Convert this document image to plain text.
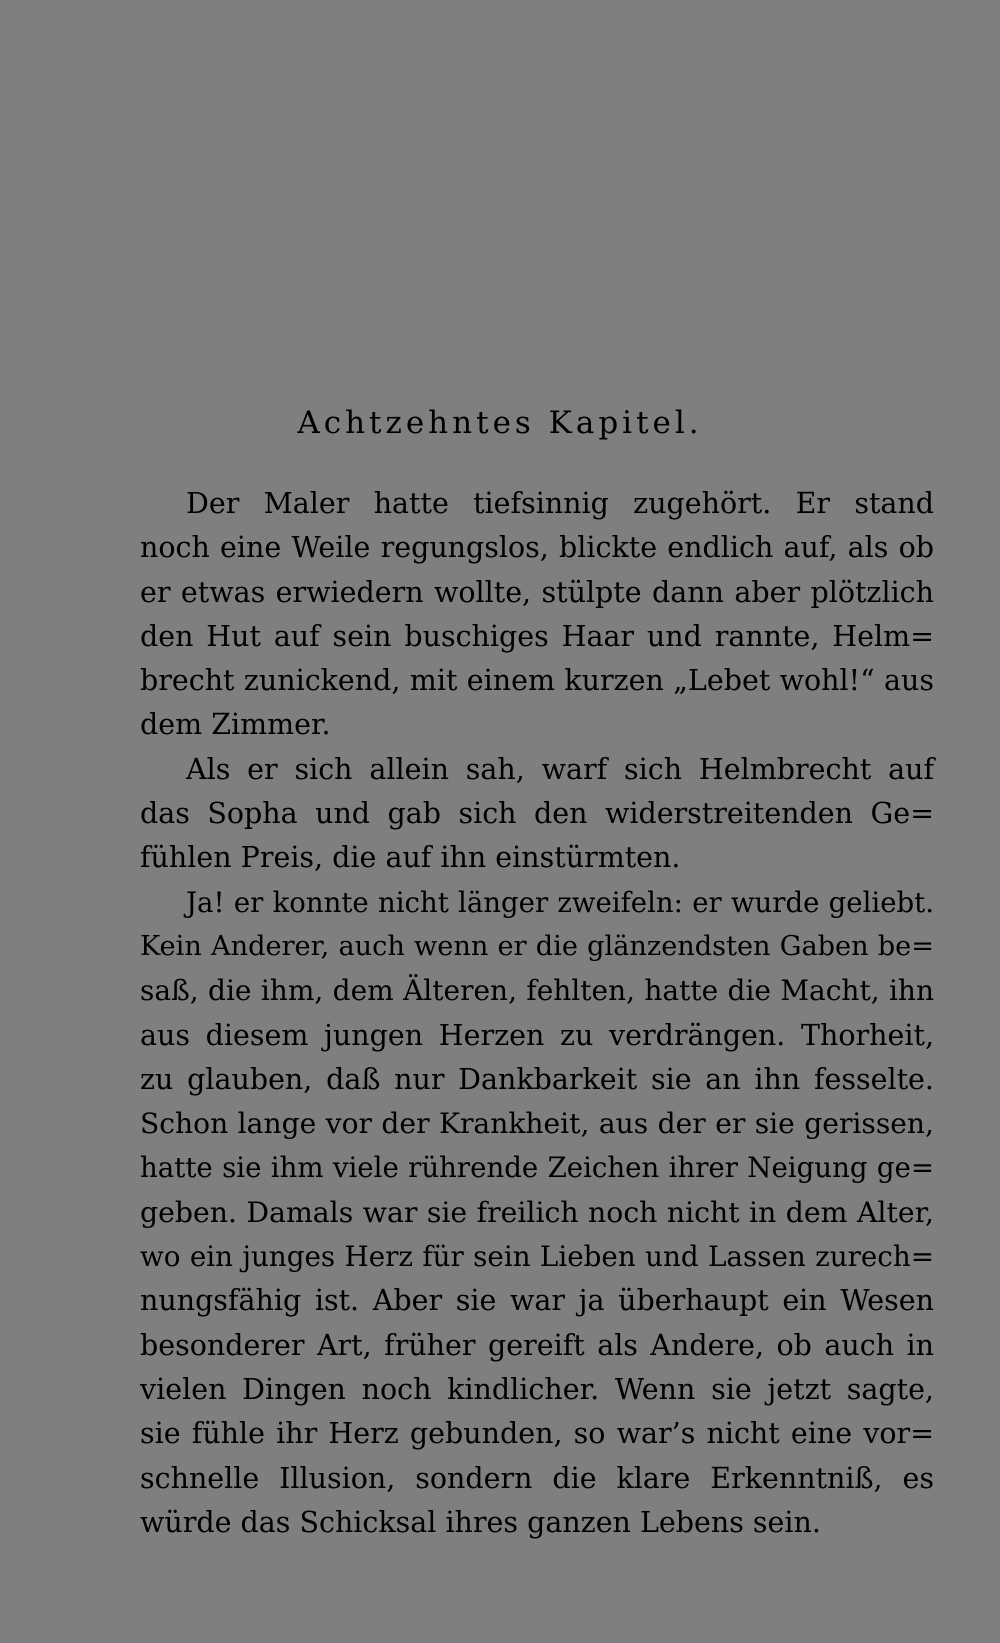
Achtzehntes Kapitel.
Der Maler hatte tiefsinnig zugehört. Er stand
noch eine Weile regungslos, blickte endlich auf, als ob
er etwas erwiedern wollte, stülpte dann aber plötzlich
den Hut auf sein buschiges Haar und rannte, Helm=
brecht zunickend, mit einem kurzen „Lebet wohl!“ aus
dem Zimmer.
Als er sich allein sah, warf sich Helmbrecht auf
das Sopha und gab sich den widerstreitenden Ge=
fühlen Preis, die auf ihn einstürmten.
Ja! er konnte nicht länger zweifeln: er wurde geliebt.
Kein Anderer, auch wenn er die glänzendsten Gaben be=
saß, die ihm, dem Älteren, fehlten, hatte die Macht, ihn
aus diesem jungen Herzen zu verdrängen. Thorheit,
zu glauben, daß nur Dankbarkeit sie an ihn fesselte.
Schon lange vor der Krankheit, aus der er sie gerissen,
hatte sie ihm viele rührende Zeichen ihrer Neigung ge=
geben. Damals war sie freilich noch nicht in dem Alter,
wo ein junges Herz für sein Lieben und Lassen zurech=
nungsfähig ist. Aber sie war ja überhaupt ein Wesen
besonderer Art, früher gereift als Andere, ob auch in
vielen Dingen noch kindlicher. Wenn sie jetzt sagte,
sie fühle ihr Herz gebunden, so war’s nicht eine vor=
schnelle Illusion, sondern die klare Erkenntniß, es
würde das Schicksal ihres ganzen Lebens sein.
